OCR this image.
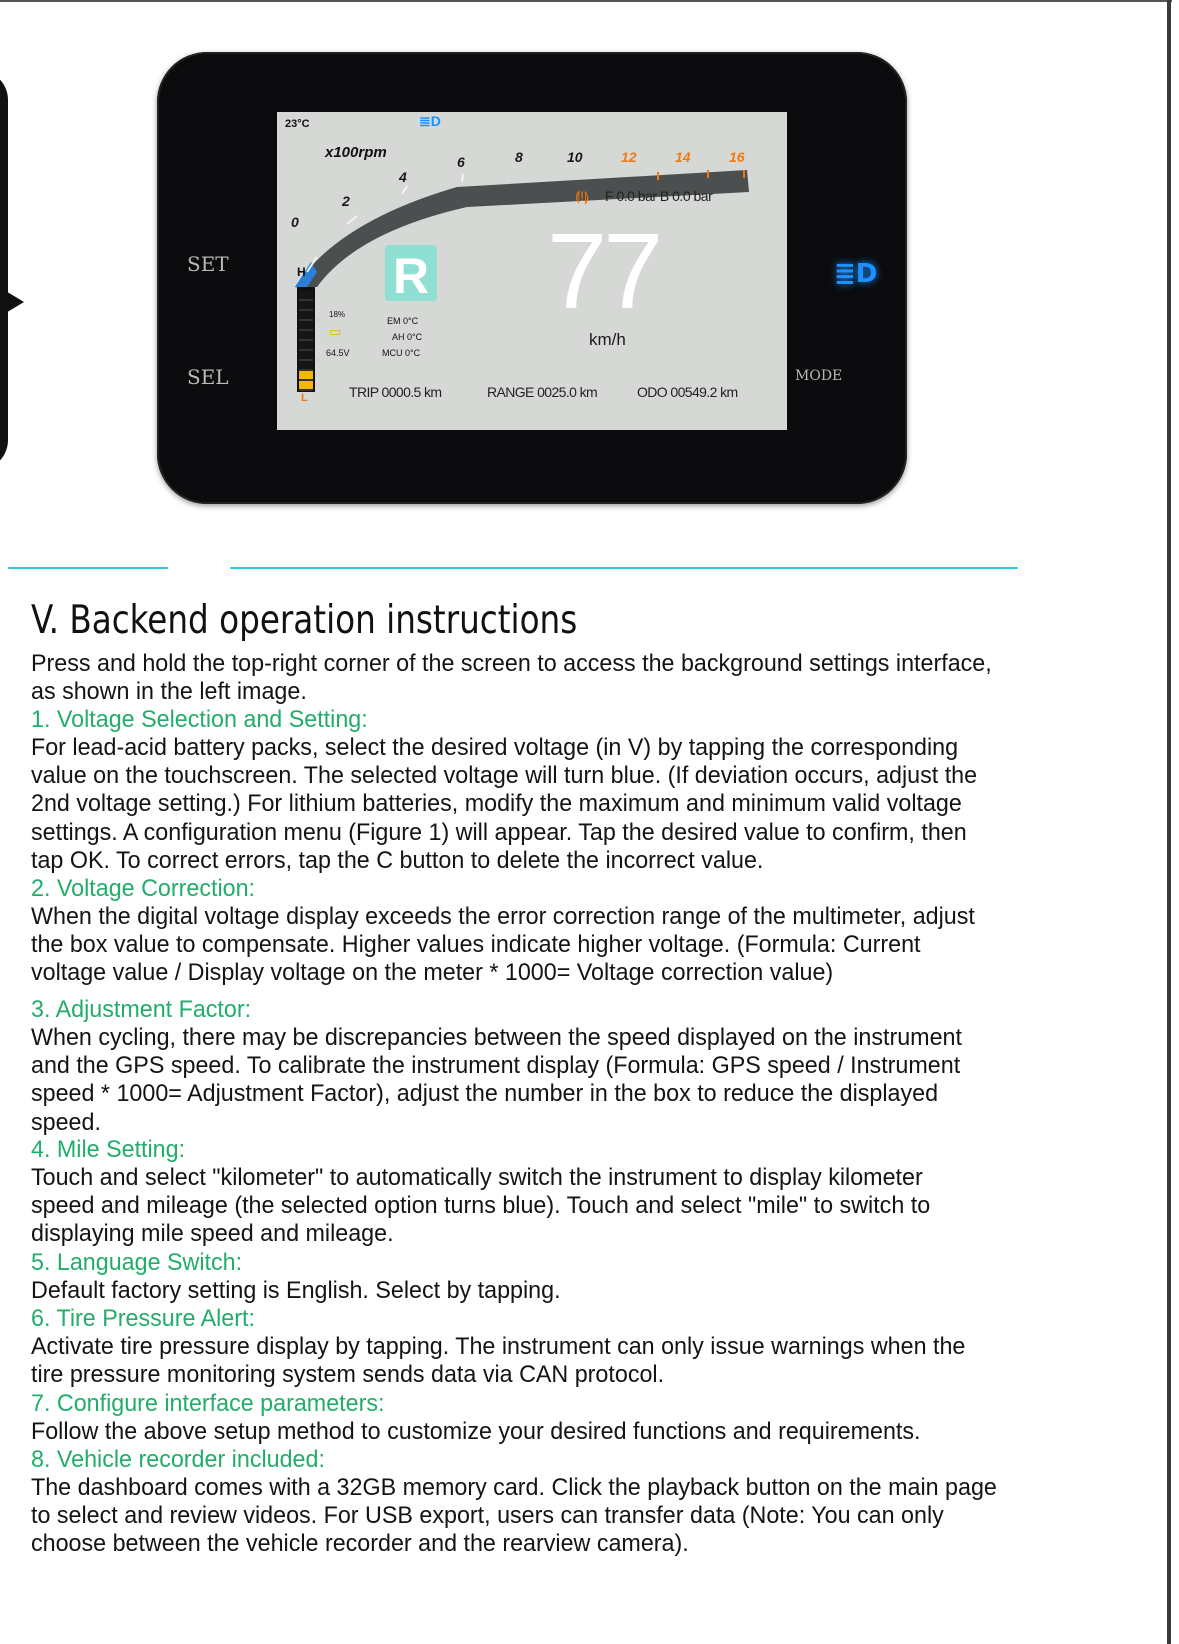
SET
SEL	MODE
≣D
0
2
4
6	8	10	12	14	16
23°C	≣D
x100rpm
⟬!⟭ F 0.0 bar B 0.0 bar
H
L
18%
▭
64.5V
R
EM 0°C
AH 0°C
MCU 0°C
77
km/h
TRIP 0000.5 km	RANGE 0025.0 km	ODO 00549.2 km
V. Backend operation instructions
Press and hold the top-right corner of the screen to access the background settings interface,
as shown in the left image.
1. Voltage Selection and Setting:
For lead-acid battery packs, select the desired voltage (in V) by tapping the corresponding
value on the touchscreen. The selected voltage will turn blue. (If deviation occurs, adjust the
2nd voltage setting.) For lithium batteries, modify the maximum and minimum valid voltage
settings. A configuration menu (Figure 1) will appear. Tap the desired value to confirm, then
tap OK. To correct errors, tap the C button to delete the incorrect value.
2. Voltage Correction:
When the digital voltage display exceeds the error correction range of the multimeter, adjust
the box value to compensate. Higher values indicate higher voltage. (Formula: Current
voltage value / Display voltage on the meter * 1000= Voltage correction value)
3. Adjustment Factor:
When cycling, there may be discrepancies between the speed displayed on the instrument
and the GPS speed. To calibrate the instrument display (Formula: GPS speed / Instrument
speed * 1000= Adjustment Factor), adjust the number in the box to reduce the displayed
speed.
4. Mile Setting:
Touch and select "kilometer" to automatically switch the instrument to display kilometer
speed and mileage (the selected option turns blue). Touch and select "mile" to switch to
displaying mile speed and mileage.
5. Language Switch:
Default factory setting is English. Select by tapping.
6. Tire Pressure Alert:
Activate tire pressure display by tapping. The instrument can only issue warnings when the
tire pressure monitoring system sends data via CAN protocol.
7. Configure interface parameters:
Follow the above setup method to customize your desired functions and requirements.
8. Vehicle recorder included:
The dashboard comes with a 32GB memory card. Click the playback button on the main page
to select and review videos. For USB export, users can transfer data (Note: You can only
choose between the vehicle recorder and the rearview camera).
